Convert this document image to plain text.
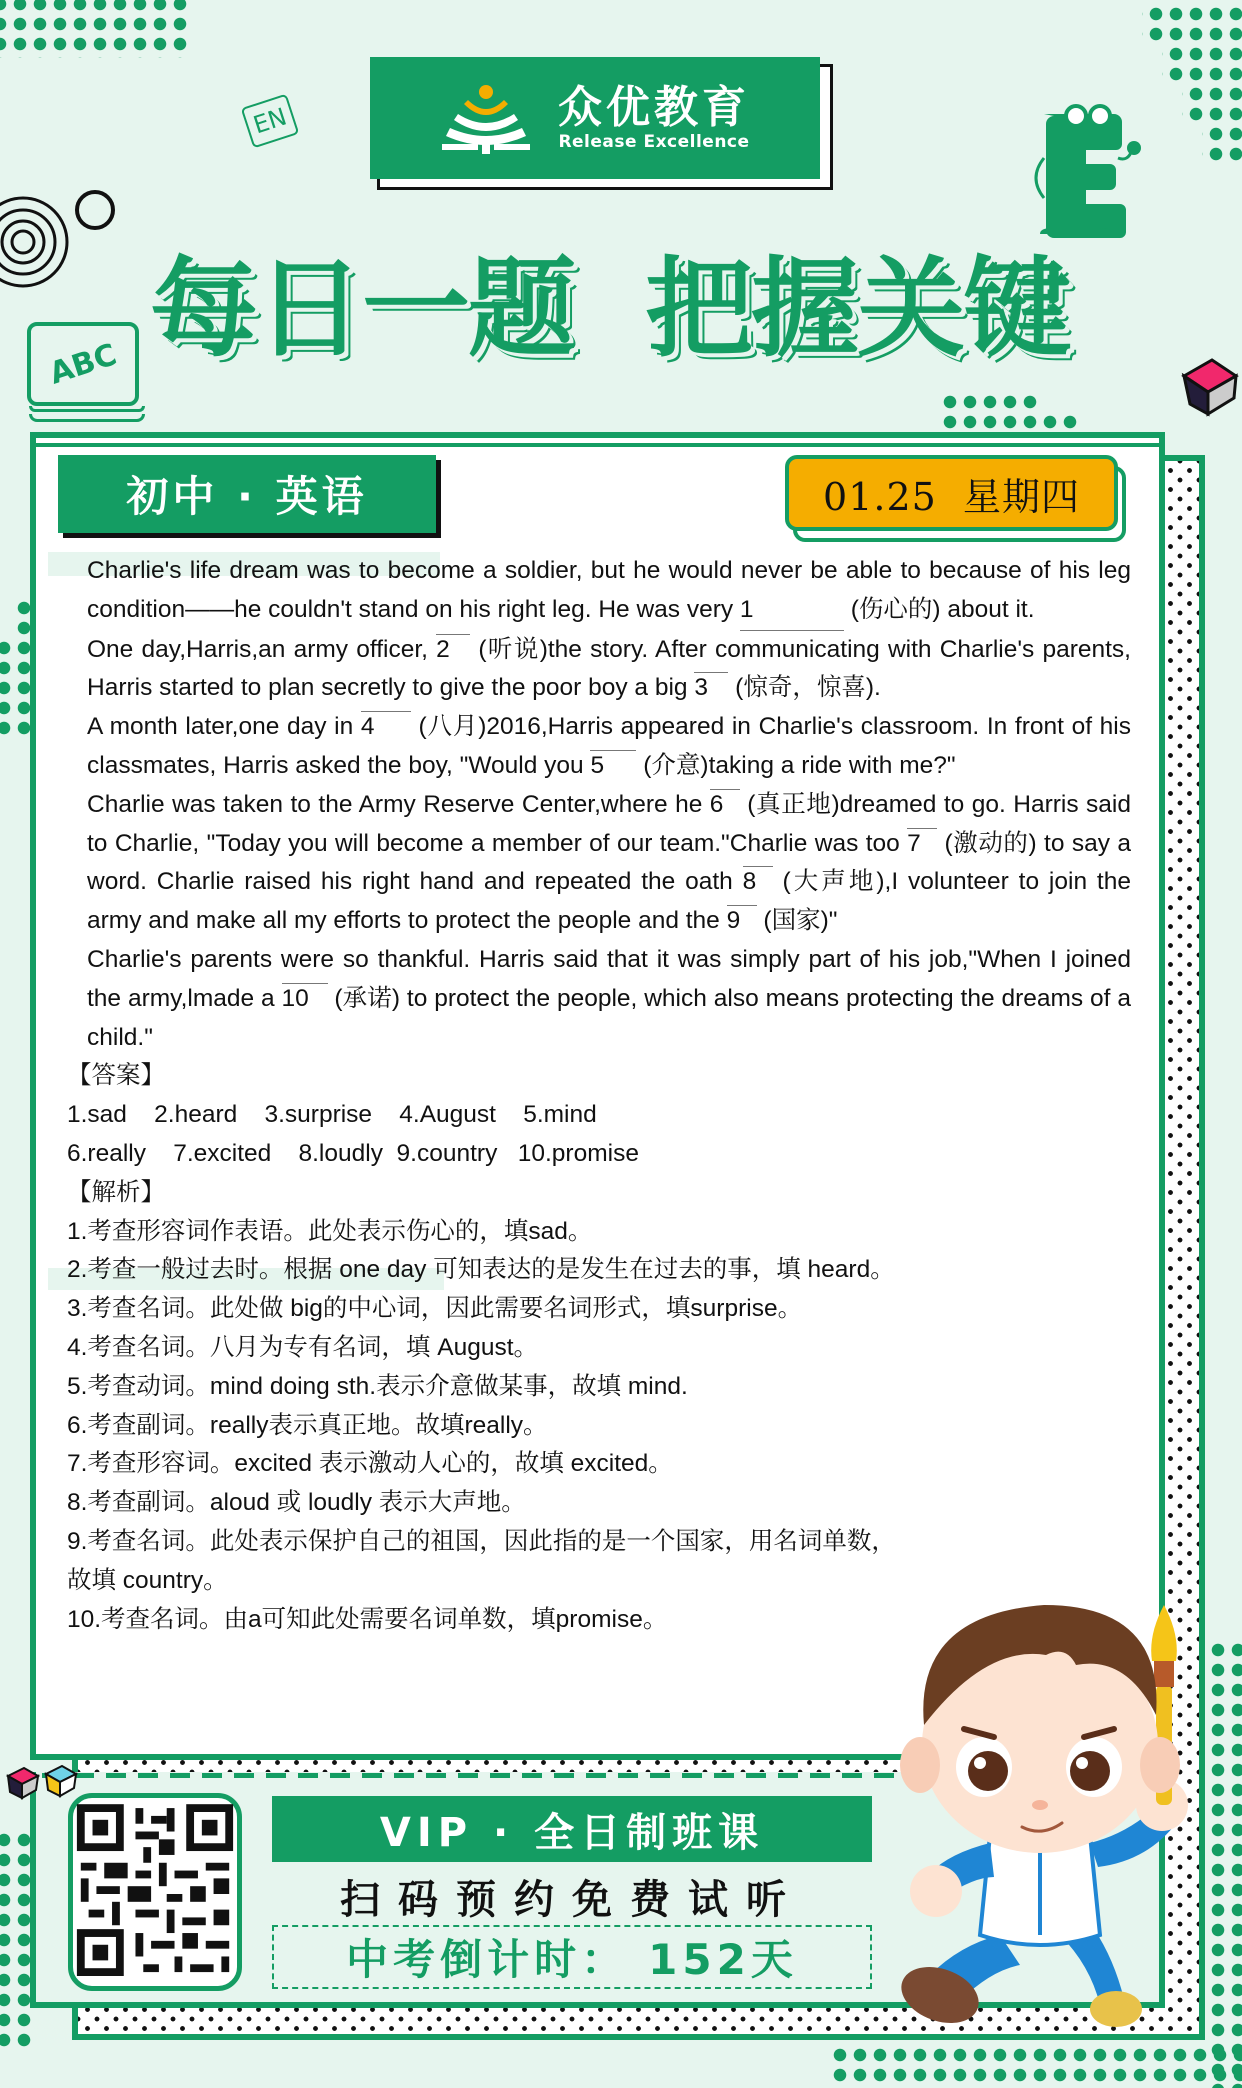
EN
ABC
众优教育
Release Excellence
每日一题  把握关键
初中 · 英语	01.25  星期四

Charlie's life dream was to become a soldier, but he would never be able to because of his leg condition——he couldn't stand on his right leg. He was very 1	(伤心的) about it.

One day,Harris,an army officer, 2 (听说)the story. After communicating with Charlie's parents, Harris started to plan secretly to give the poor boy a big 3 (惊奇，惊喜).

A month later,one day in 4 (八月)2016,Harris appeared in Charlie's classroom. In front of his classmates, Harris asked the boy, "Would you 5 (介意)taking a ride with me?"

Charlie was taken to the Army Reserve Center,where he 6 (真正地)dreamed to go. Harris said to Charlie, "Today you will become a member of our team."Charlie was too 7 (激动的) to say a word. Charlie raised his right hand and repeated the oath 8 (大声地),I volunteer to join the army and make all my efforts to protect the people and the 9 (国家)"

Charlie's parents were so thankful. Harris said that it was simply part of his job,"When I joined the army,lmade a 10 (承诺) to protect the people, which also means protecting the dreams of a child."

【答案】

1.sad    2.heard    3.surprise    4.August    5.mind

6.really    7.excited    8.loudly  9.country   10.promise

【解析】

1.考查形容词作表语。此处表示伤心的，填sad。

2.考查一般过去时。根据 one day 可知表达的是发生在过去的事，填 heard。

3.考查名词。此处做 big的中心词，因此需要名词形式，填surprise。

4.考查名词。八月为专有名词，填 August。

5.考查动词。mind doing sth.表示介意做某事，故填 mind.

6.考查副词。really表示真正地。故填really。

7.考查形容词。excited 表示激动人心的，故填 excited。

8.考查副词。aloud 或 loudly 表示大声地。

9.考查名词。此处表示保护自己的祖国，因此指的是一个国家，用名词单数，

故填 country。

10.考查名词。由a可知此处需要名词单数，填promise。

VIP · 全日制班课
扫码预约免费试听
中考倒计时： 152天
